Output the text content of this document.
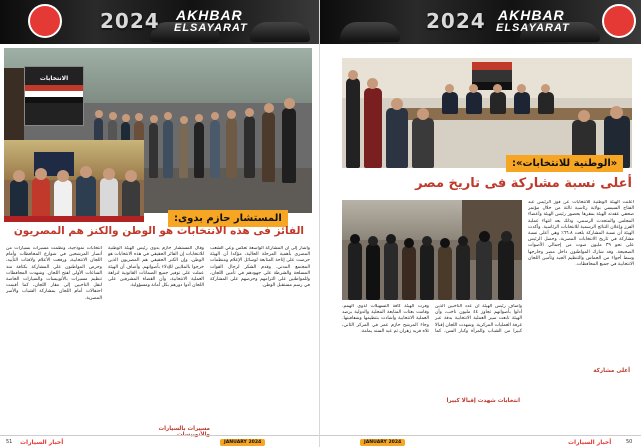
2024 AKHBAR
ELSAYARAT
الانتخابات
المستشار حازم بدوى:
الفائز فى هذه الانتخابات هو الوطن والكنز هم المصريون
انتخابات نموذجية، ونظمت مسيرات بسيارات من أنصار المرشحين في شوارع المحافظات وأمام اللجان الانتخابية، ورفعت الأعلام ولافتات التأييد، وحرص المواطنون على المشاركة بكثافة منذ الساعات الأولى لفتح اللجان. وشهدت المحافظات تنظيم مسيرات بالأتوبيسات والسيارات الخاصة لنقل الناخبين إلى مقار اللجان، كما أقيمت احتفالات أمام اللجان بمشاركة الشباب والأسر المصرية.
وقال المستشار حازم بدوي رئيس الهيئة الوطنية للانتخابات إن الفائز الحقيقي في هذه الانتخابات هو الوطن، وإن الكنز الحقيقي هم المصريون الذين خرجوا بالملايين للإدلاء بأصواتهم. وأضاف أن الهيئة عملت على توفير جميع الضمانات القانونية لنزاهة العملية الانتخابية، وأن القضاة المشرفين على اللجان أدوا دورهم بكل أمانة ومسؤولية.
وأشار إلى أن المشاركة الواسعة تعكس وعي الشعب المصري بأهمية المرحلة الحالية، مؤكدا أن الهيئة حرصت على إتاحة المتابعة لوسائل الإعلام ومنظمات المجتمع المدني. وقدم الشكر لرجال القوات المسلحة والشرطة على جهودهم في تأمين اللجان، وللمواطنين على التزامهم وحرصهم على المشاركة في رسم مستقبل الوطن.
مسيرات بالسيارات والأتوبيسات
51 أخبار السيارات	JANUARY 2024
2024 AKHBAR
ELSAYARAT
«الوطنية للانتخابات»:
أعلى نسبة مشاركة فى تاريخ مصر
أعلنت الهيئة الوطنية للانتخابات عن فوز الرئيس عبد الفتاح السيسي بولاية رئاسية ثالثة من خلال مؤتمر صحفي عقدته الهيئة بمقرها بحضور رئيس الهيئة وأعضاء المجلس والمتحدث الرسمي، وذلك بعد انتهاء عملية الفرز وإعلان النتائج الرسمية للانتخابات الرئاسية. وأكدت الهيئة أن نسبة المشاركة بلغت ٦٦.٨٪ وهي أعلى نسبة مشاركة في تاريخ الانتخابات المصرية، وحصل الرئيس على نحو ٣٩ مليون صوت من إجمالي الأصوات الصحيحة. وقد شارك المواطنون داخل مصر وخارجها وسط أجواء من الحماس والتنظيم الجيد وتأمين اللجان الانتخابية في جميع المحافظات.
أعلى مشاركة
وأضاف رئيس الهيئة أن عدد الناخبين الذين أدلوا بأصواتهم تجاوز ٤٤ مليون ناخب، وأن الهيئة تابعت سير العملية الانتخابية بدقة عبر غرفة العمليات المركزية. وشهدت اللجان إقبالا كبيرا من الشباب والمرأة وكبار السن، كما وفرت الهيئة كافة التسهيلات لذوي الهمم. وقامت بعثات المتابعة المحلية والدولية برصد العملية الانتخابية وأشادت بتنظيمها وشفافيتها. وجاء المرشح حازم عمر في المركز الثاني، تلاه فريد زهران ثم عبد السند يمامة.
انتخابات شهدت إقبالا كبيرا
JANUARY 2024	أخبار السيارات	50
